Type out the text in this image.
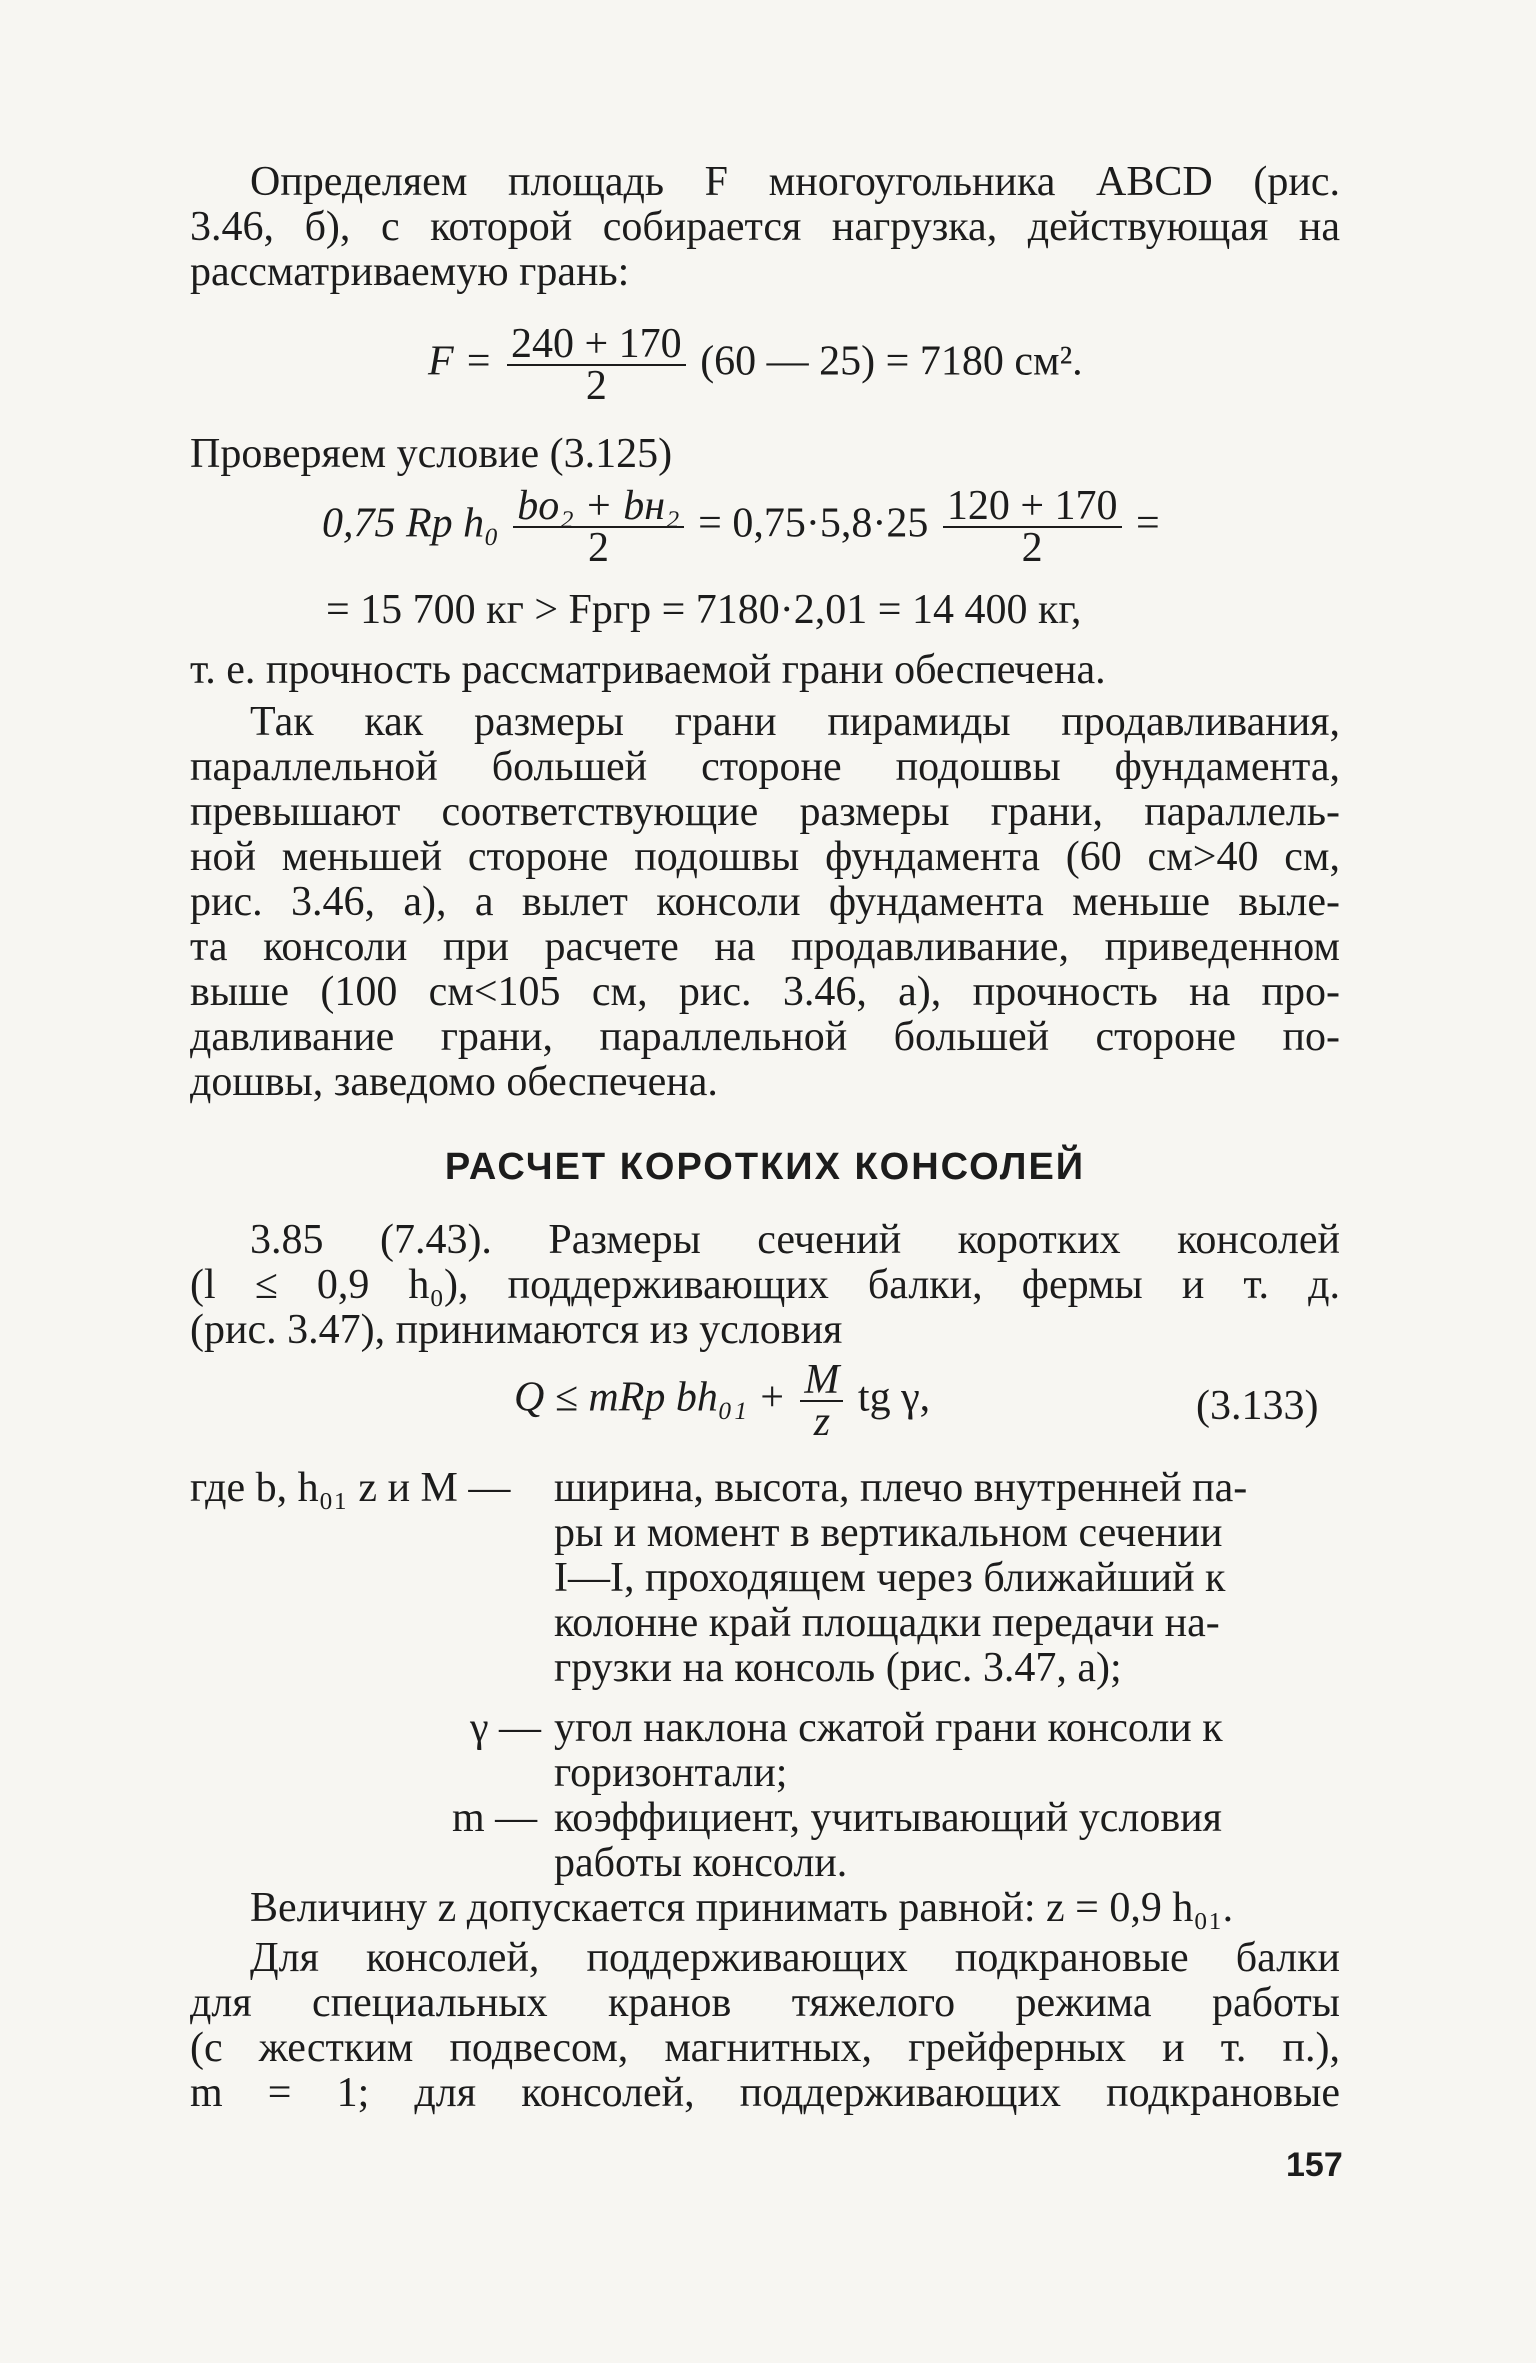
Определяем площадь F многоугольника ABCD (рис.

3.46, б), с которой собирается нагрузка, действующая на

рассматриваемую грань:

$F = \frac{240 + 170}{2} (60$ — 25) = 7180 см².
Проверяем условие (3.125)
0,75 Rр $h_0 \frac{\text{bо₂ + bн₂}}{2} = 0,75\cdot 5,8\cdot 25 \frac{120 + 170}{2}$ =
= 15 700 кг > Fpгр = 7180·2,01 = 14 400 кг,
т. е. прочность рассматриваемой грани обеспечена.

Так как размеры грани пирамиды продавливания,

параллельной большей стороне подошвы фундамента,

превышают соответствующие размеры грани, параллель-

ной меньшей стороне подошвы фундамента (60 см>40 см,

рис. 3.46, а), а вылет консоли фундамента меньше выле-

та консоли при расчете на продавливание, приведенном

выше (100 см<105 см, рис. 3.46, а), прочность на про-

давливание грани, параллельной большей стороне по-

дошвы, заведомо обеспечена.

РАСЧЕТ КОРОТКИХ КОНСОЛЕЙ

3.85 (7.43). Размеры сечений коротких консолей

(l ≤ 0,9 h₀), поддерживающих балки, фермы и т. д.

(рис. 3.47), принимаются из условия

Q ≤ mRр $bh_{01} + \frac{M}{z}$ tg γ,	(3.133)
где b, h₀₁ z и M — ширина, высота, плечо внутренней па-
ры и момент в вертикальном сечении
I—I, проходящем через ближайший к
колонне край площадки передачи на-
грузки на консоль (рис. 3.47, а);
γ — угол наклона сжатой грани консоли к
горизонтали;
m — коэффициент, учитывающий условия
работы консоли.

Величину z допускается принимать равной: z = 0,9 h₀₁.

Для консолей, поддерживающих подкрановые балки

для специальных кранов тяжелого режима работы

(с жестким подвесом, магнитных, грейферных и т. п.),

m = 1; для консолей, поддерживающих подкрановые

157
